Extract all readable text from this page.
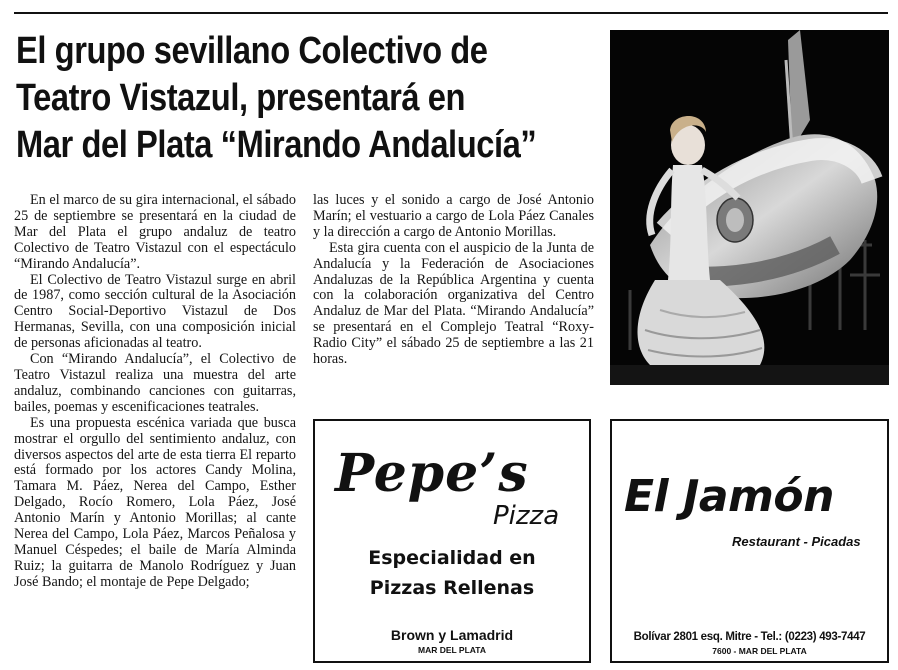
El grupo sevillano Colectivo de
Teatro Vistazul, presentará en
Mar del Plata “Mirando Andalucía”

En el marco de su gira internacional, el sábado 25 de septiembre se presentará en la ciudad de Mar del Plata el grupo andaluz de teatro Colectivo de Teatro Vistazul con el espectáculo “Mirando Andalucía”.

El Colectivo de Teatro Vistazul surge en abril de 1987, como sección cultural de la Asociación Centro Social-Deportivo Vistazul de Dos Hermanas, Sevilla, con una composición inicial de personas aficionadas al teatro.

Con “Mirando Andalucía”, el Colectivo de Teatro Vistazul realiza una muestra del arte andaluz, combinando canciones con guitarras, bailes, poemas y escenificaciones teatrales.

Es una propuesta escénica variada que busca mostrar el orgullo del sentimiento andaluz, con diversos aspectos del arte de esta tierra El reparto está formado por los actores Candy Molina, Tamara M. Páez, Nerea del Campo, Esther Delgado, Rocío Romero, Lola Páez, José Antonio Marín y Antonio Morillas; al cante Nerea del Campo, Lola Páez, Marcos Peñalosa y Manuel Céspedes; el baile de María Alminda Ruiz; la guitarra de Manolo Rodríguez y Juan José Bando; el montaje de Pepe Delgado;

las luces y el sonido a cargo de José Antonio Marín; el vestuario a cargo de Lola Páez Canales y la dirección a cargo de Antonio Morillas.

Esta gira cuenta con el auspicio de la Junta de Andalucía y la Federación de Asociaciones Andaluzas de la República Argentina y cuenta con la colaboración organizativa del Centro Andaluz de Mar del Plata. “Mirando Andalucía” se presentará en el Complejo Teatral “Roxy-Radio City” el sábado 25 de septiembre a las 21 horas.

Pepe’s
Pizza
Especialidad en
Pizzas Rellenas
Brown y Lamadrid
MAR DEL PLATA
El Jamón
Restaurant - Picadas
Bolívar 2801 esq. Mitre - Tel.: (0223) 493-7447
7600 - MAR DEL PLATA
